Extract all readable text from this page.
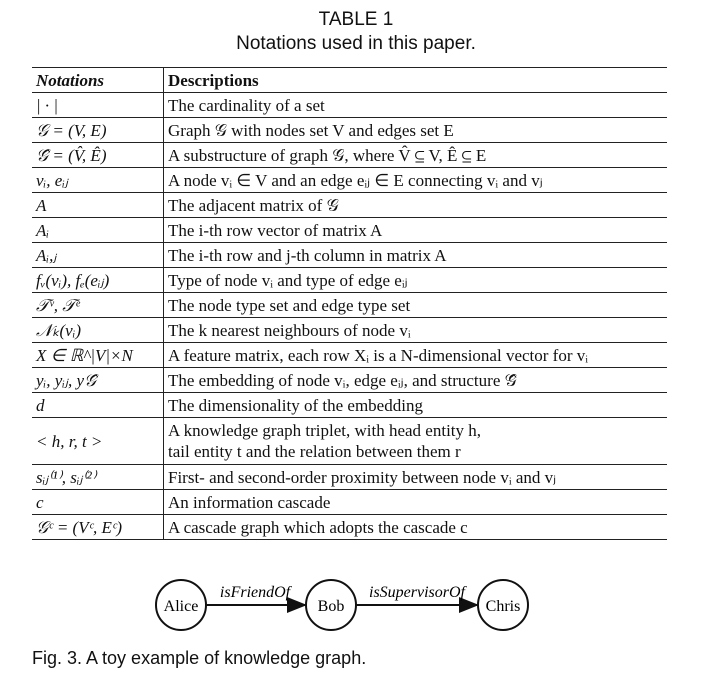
TABLE 1
Notations used in this paper.
Notations	Descriptions
| · |	The cardinality of a set
𝒢 = (V, E)	Graph 𝒢 with nodes set V and edges set E
𝒢̂ = (V̂, Ê)	A substructure of graph 𝒢, where V̂ ⊆ V, Ê ⊆ E
vᵢ, eᵢⱼ	A node vᵢ ∈ V and an edge eᵢⱼ ∈ E connecting vᵢ and vⱼ
A	The adjacent matrix of 𝒢
Aᵢ	The i-th row vector of matrix A
Aᵢ,ⱼ	The i-th row and j-th column in matrix A
fᵥ(vᵢ), fₑ(eᵢⱼ)	Type of node vᵢ and type of edge eᵢⱼ
𝒯ᵛ, 𝒯ᵉ	The node type set and edge type set
𝒩ₖ(vᵢ)	The k nearest neighbours of node vᵢ
X ∈ ℝ^|V|×N	A feature matrix, each row Xᵢ is a N-dimensional vector for vᵢ
yᵢ, yᵢⱼ, y𝒢̂	The embedding of node vᵢ, edge eᵢⱼ, and structure 𝒢̂
d	The dimensionality of the embedding
< h, r, t >	A knowledge graph triplet, with head entity h,
tail entity t and the relation between them r

sᵢⱼ⁽¹⁾, sᵢⱼ⁽²⁾	First- and second-order proximity between node vᵢ and vⱼ
c	An information cascade
𝒢ᶜ = (Vᶜ, Eᶜ)	A cascade graph which adopts the cascade c
Alice	Bob	Chris
isFriendOf	isSupervisorOf
Fig. 3. A toy example of knowledge graph.
